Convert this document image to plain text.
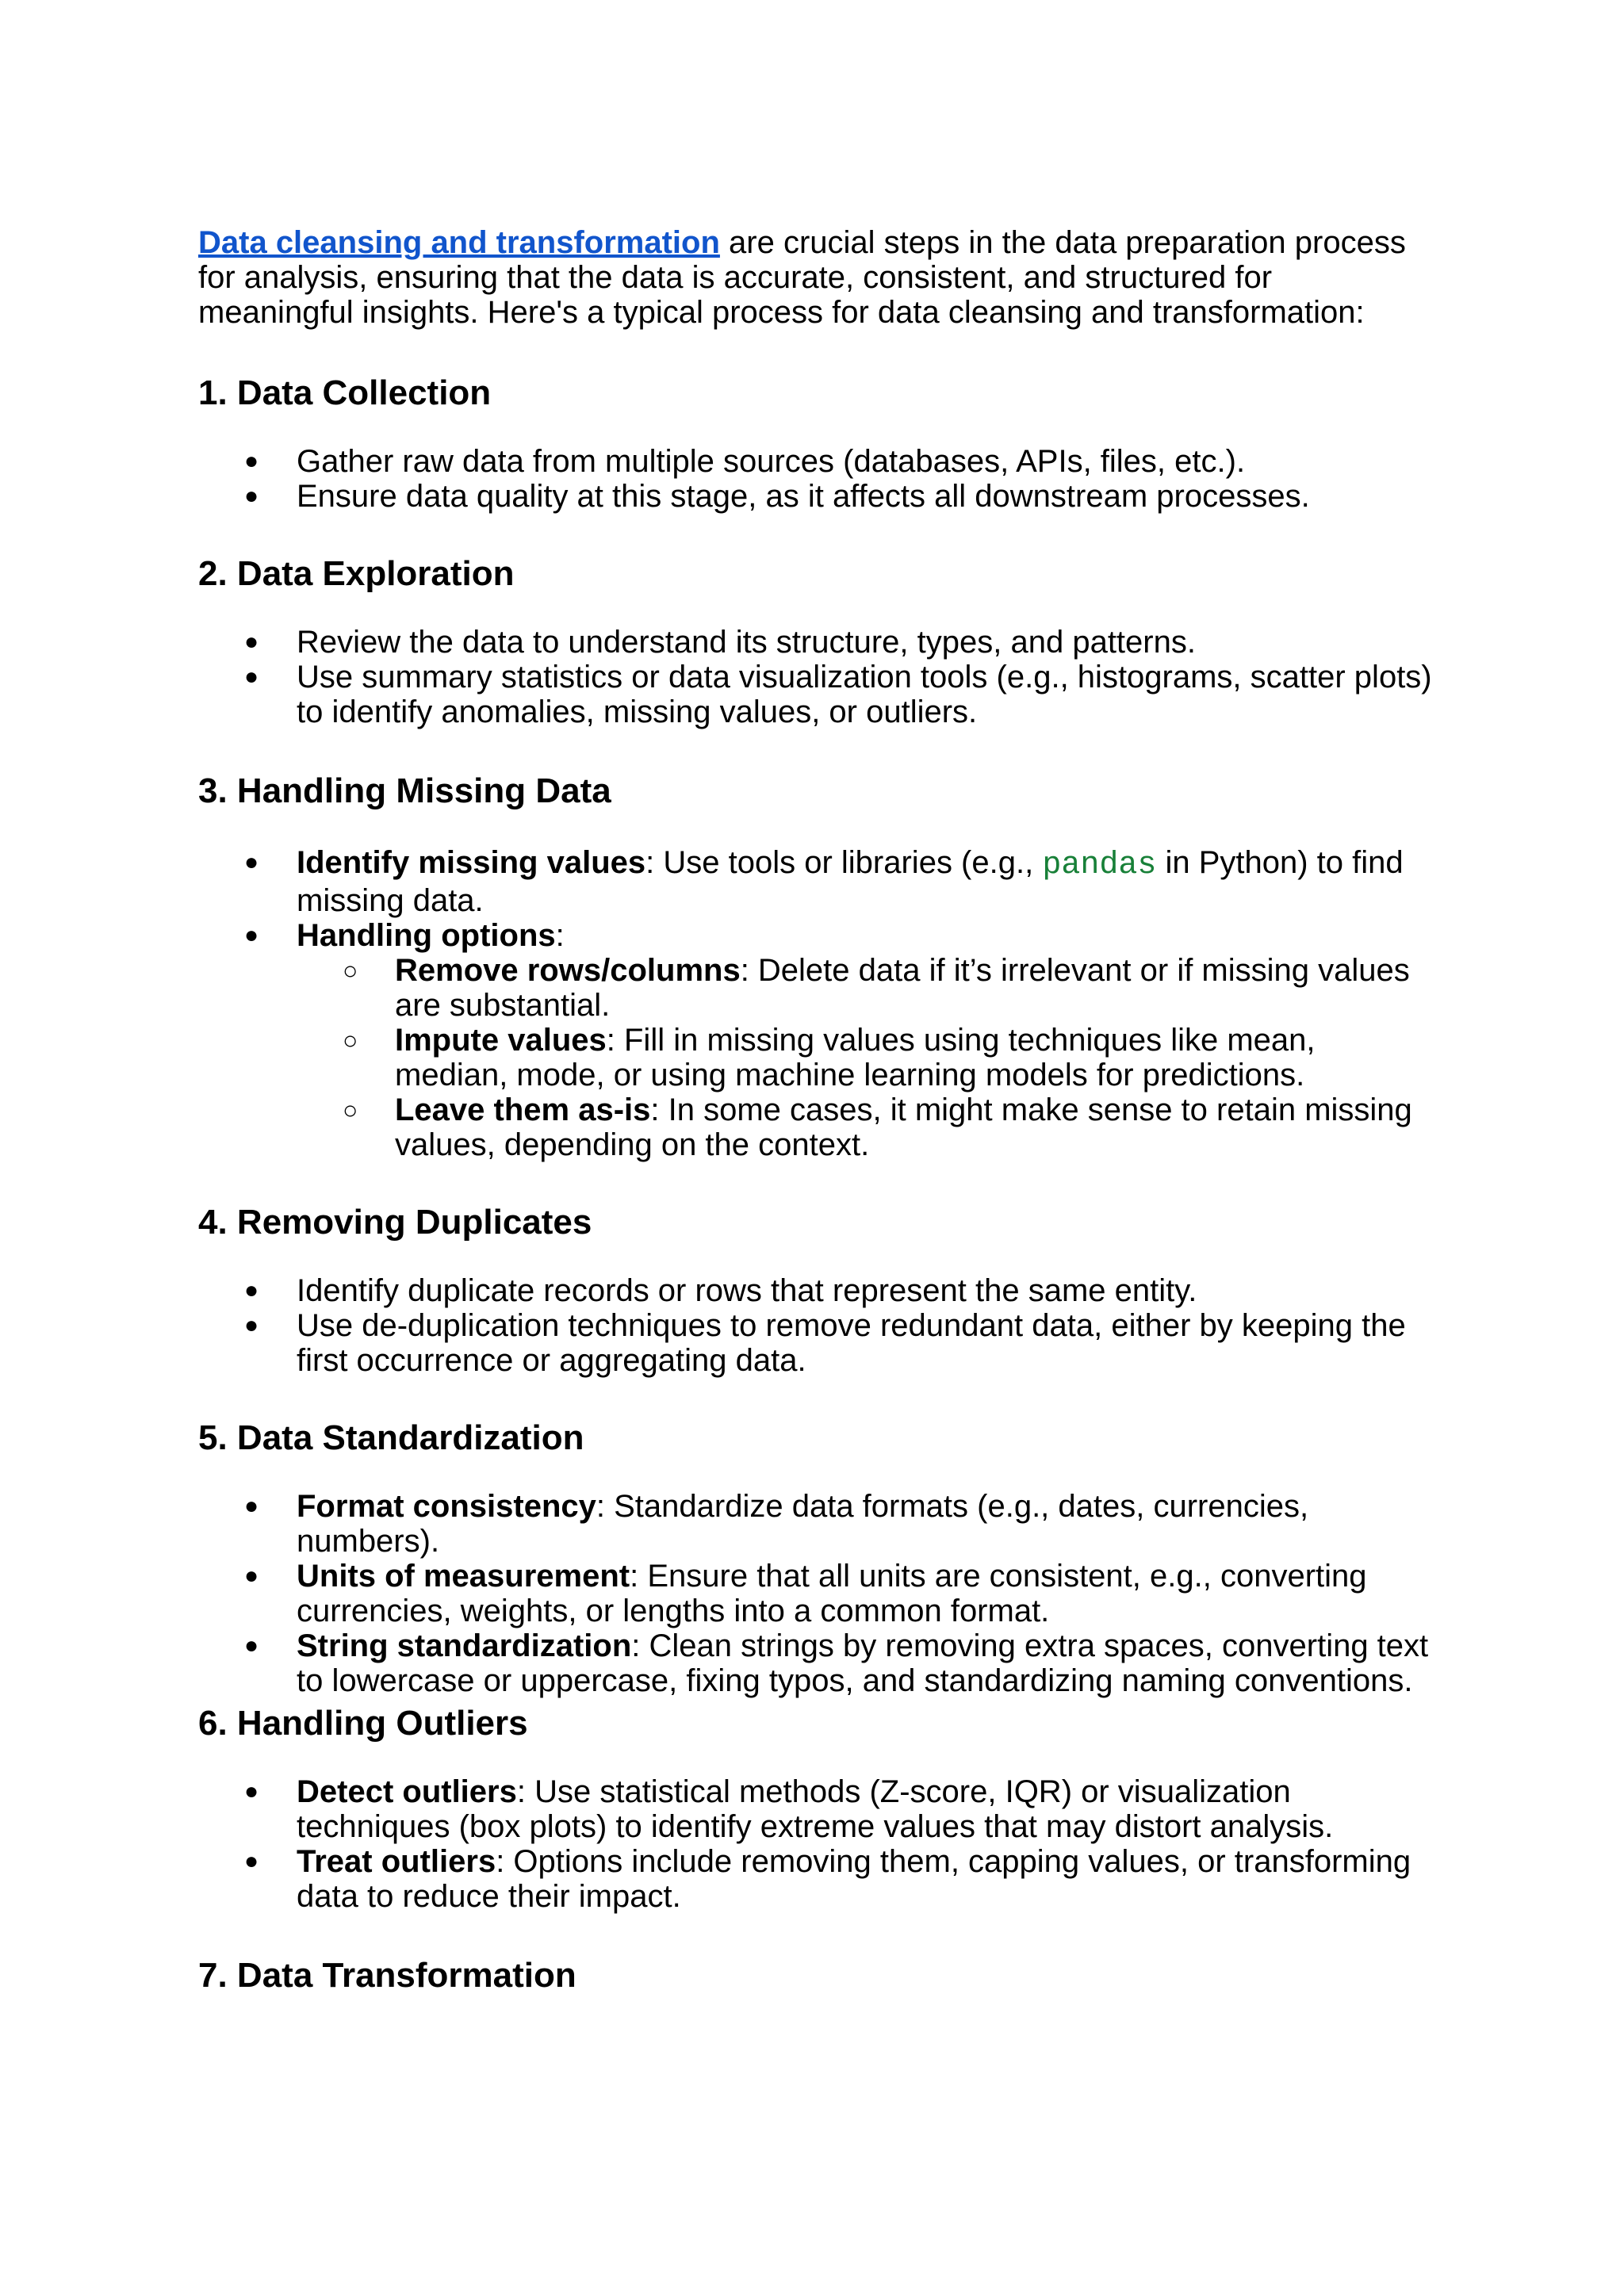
Data cleansing and transformation are crucial steps in the data preparation process for analysis, ensuring that the data is accurate, consistent, and structured for meaningful insights. Here's a typical process for data cleansing and transformation:

1. Data Collection
●	Gather raw data from multiple sources (databases, APIs, files, etc.).
●	Ensure data quality at this stage, as it affects all downstream processes.
2. Data Exploration
●	Review the data to understand its structure, types, and patterns.
●	Use summary statistics or data visualization tools (e.g., histograms, scatter plots) to identify anomalies, missing values, or outliers.
3. Handling Missing Data
●	Identify missing values: Use tools or libraries (e.g., pandas in Python) to find missing data.
●	Handling options:
○	Remove rows/columns: Delete data if it’s irrelevant or if missing values are substantial.
○	Impute values: Fill in missing values using techniques like mean, median, mode, or using machine learning models for predictions.
○	Leave them as-is: In some cases, it might make sense to retain missing values, depending on the context.
4. Removing Duplicates
●	Identify duplicate records or rows that represent the same entity.
●	Use de-duplication techniques to remove redundant data, either by keeping the first occurrence or aggregating data.
5. Data Standardization
●	Format consistency: Standardize data formats (e.g., dates, currencies, numbers).
●	Units of measurement: Ensure that all units are consistent, e.g., converting currencies, weights, or lengths into a common format.
●	String standardization: Clean strings by removing extra spaces, converting text to lowercase or uppercase, fixing typos, and standardizing naming conventions.
6. Handling Outliers
●	Detect outliers: Use statistical methods (Z-score, IQR) or visualization techniques (box plots) to identify extreme values that may distort analysis.
●	Treat outliers: Options include removing them, capping values, or transforming data to reduce their impact.
7. Data Transformation
